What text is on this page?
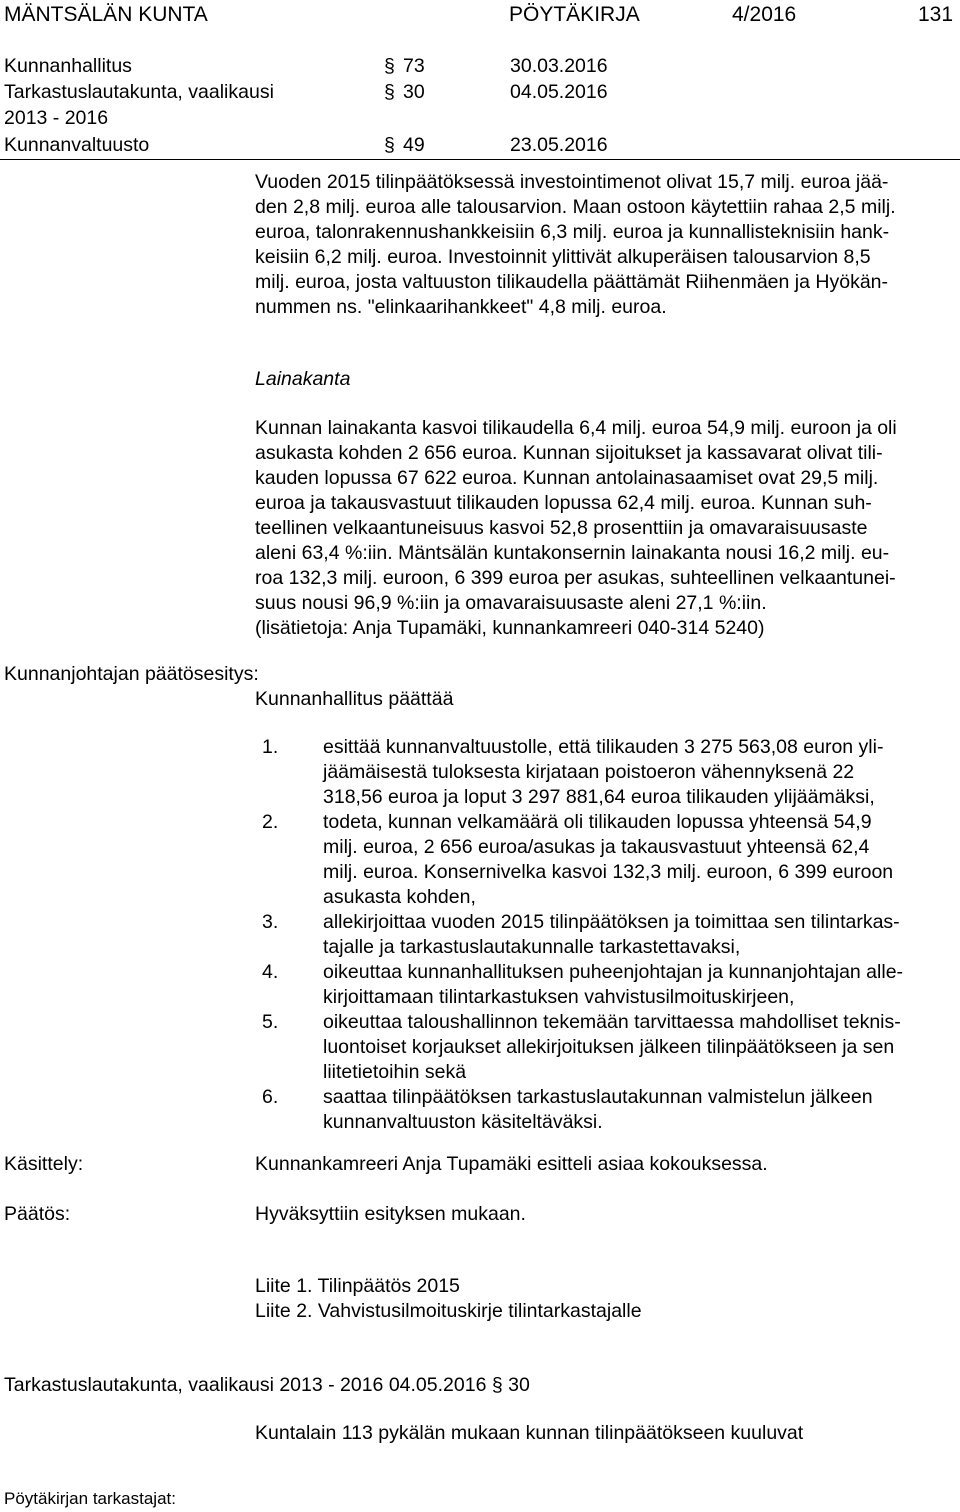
MÄNTSÄLÄN KUNTA	PÖYTÄKIRJA	4/2016	131
Kunnanhallitus	§ 73	30.03.2016
Tarkastuslautakunta, vaalikausi	§ 30	04.05.2016
2013 - 2016
Kunnanvaltuusto	§ 49	23.05.2016
Vuoden 2015 tilinpäätöksessä investointimenot olivat 15,7 milj. euroa jää-
den 2,8 milj. euroa alle talousarvion. Maan ostoon käytettiin rahaa 2,5 milj.
euroa, talonrakennushankkeisiin 6,3 milj. euroa ja kunnallisteknisiin hank-
keisiin 6,2 milj. euroa. Investoinnit ylittivät alkuperäisen talousarvion 8,5
milj. euroa, josta valtuuston tilikaudella päättämät Riihenmäen ja Hyökän-
nummen ns. "elinkaarihankkeet" 4,8 milj. euroa.
Lainakanta
Kunnan lainakanta kasvoi tilikaudella 6,4 milj. euroa 54,9 milj. euroon ja oli
asukasta kohden 2 656 euroa. Kunnan sijoitukset ja kassavarat olivat tili-
kauden lopussa 67 622 euroa. Kunnan antolainasaamiset ovat 29,5 milj.
euroa ja takausvastuut tilikauden lopussa 62,4 milj. euroa. Kunnan suh-
teellinen velkaantuneisuus kasvoi 52,8 prosenttiin ja omavaraisuusaste
aleni 63,4 %:iin. Mäntsälän kuntakonsernin lainakanta nousi 16,2 milj. eu-
roa 132,3 milj. euroon, 6 399 euroa per asukas, suhteellinen velkaantunei-
suus nousi 96,9 %:iin ja omavaraisuusaste aleni 27,1 %:iin.
(lisätietoja: Anja Tupamäki, kunnankamreeri 040-314 5240)
Kunnanjohtajan päätösesitys:
Kunnanhallitus päättää
1. esittää kunnanvaltuustolle, että tilikauden 3 275 563,08 euron yli-
jäämäisestä tuloksesta kirjataan poistoeron vähennyksenä 22
318,56 euroa ja loput 3 297 881,64 euroa tilikauden ylijäämäksi,
2. todeta, kunnan velkamäärä oli tilikauden lopussa yhteensä 54,9
milj. euroa, 2 656 euroa/asukas ja takausvastuut yhteensä 62,4
milj. euroa. Konsernivelka kasvoi 132,3 milj. euroon, 6 399 euroon
asukasta kohden,
3. allekirjoittaa vuoden 2015 tilinpäätöksen ja toimittaa sen tilintarkas-
tajalle ja tarkastuslautakunnalle tarkastettavaksi,
4. oikeuttaa kunnanhallituksen puheenjohtajan ja kunnanjohtajan alle-
kirjoittamaan tilintarkastuksen vahvistusilmoituskirjeen,
5. oikeuttaa taloushallinnon tekemään tarvittaessa mahdolliset teknis-
luontoiset korjaukset allekirjoituksen jälkeen tilinpäätökseen ja sen
liitetietoihin sekä
6. saattaa tilinpäätöksen tarkastuslautakunnan valmistelun jälkeen
kunnanvaltuuston käsiteltäväksi.
Käsittely:	Kunnankamreeri Anja Tupamäki esitteli asiaa kokouksessa.
Päätös:	Hyväksyttiin esityksen mukaan.
Liite 1. Tilinpäätös 2015
Liite 2. Vahvistusilmoituskirje tilintarkastajalle
Tarkastuslautakunta, vaalikausi 2013 - 2016 04.05.2016 § 30
Kuntalain 113 pykälän mukaan kunnan tilinpäätökseen kuuluvat
Pöytäkirjan tarkastajat:
